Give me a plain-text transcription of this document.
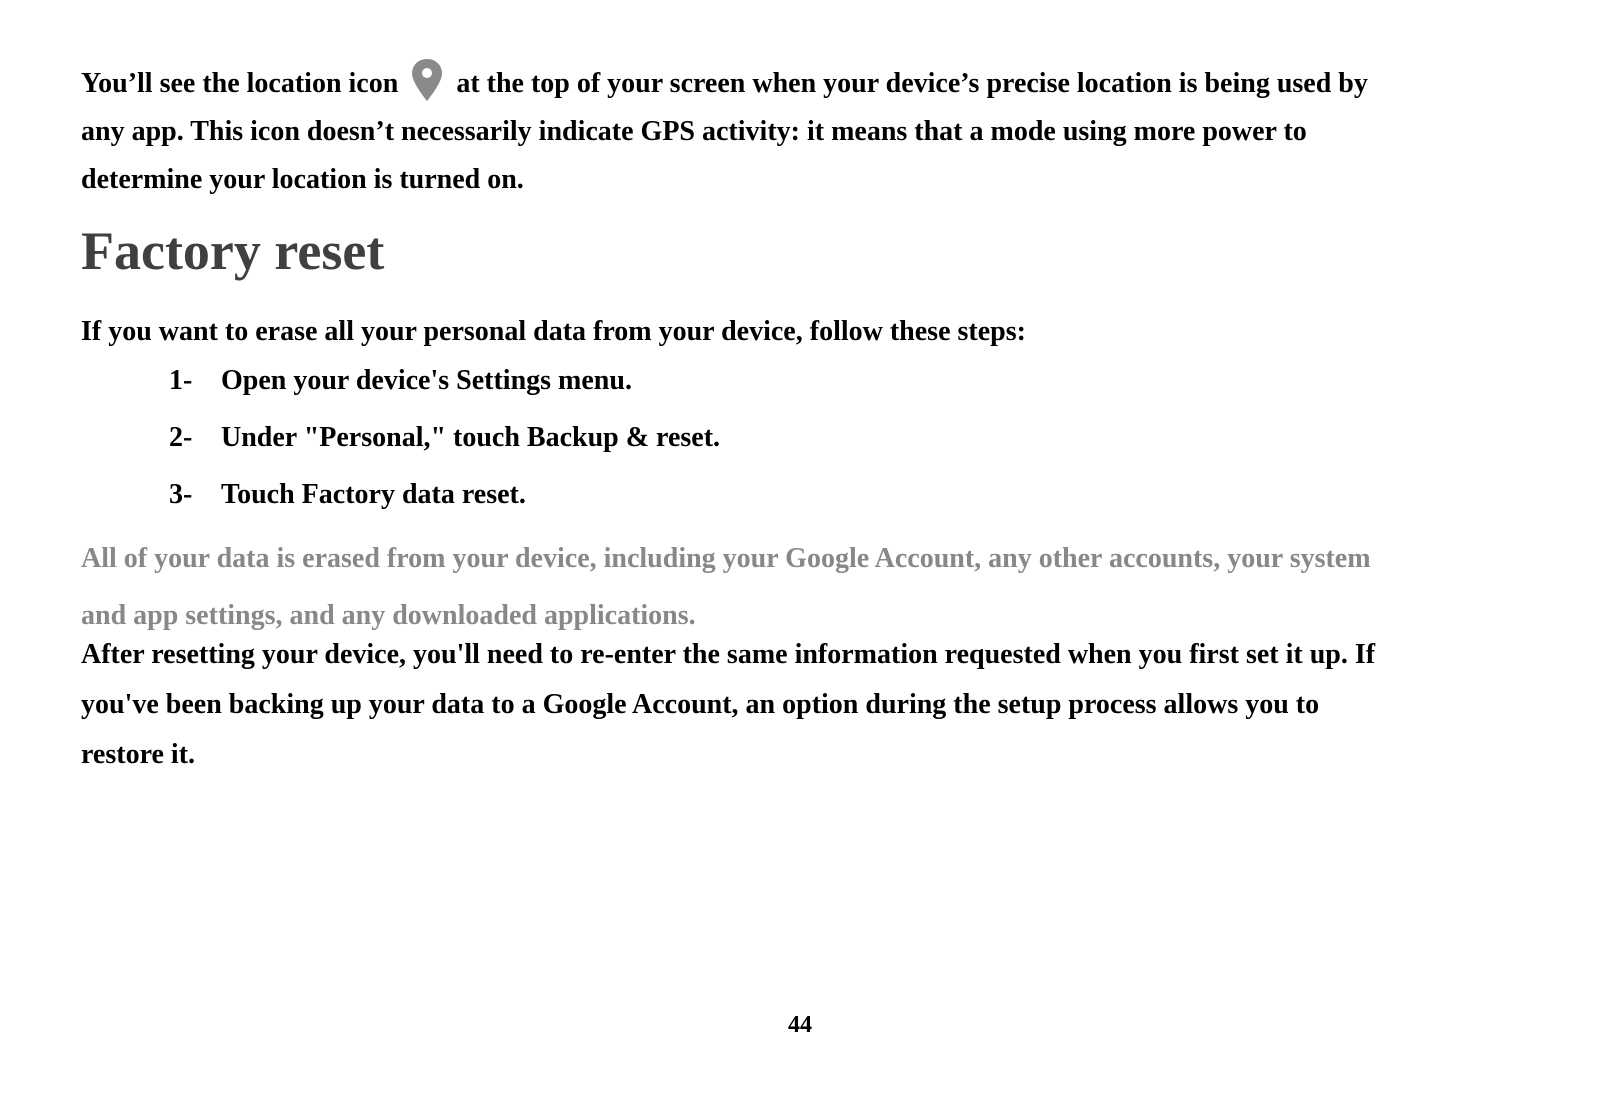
You’ll see the location icon  at the top of your screen when your device’s precise location is being used by
any app. This icon doesn’t necessarily indicate GPS activity: it means that a mode using more power to
determine your location is turned on.

Factory reset

If you want to erase all your personal data from your device, follow these steps:

1- Open your device's Settings menu.
2- Under "Personal," touch Backup & reset.
3- Touch Factory data reset.

All of your data is erased from your device, including your Google Account, any other accounts, your system
and app settings, and any downloaded applications.

After resetting your device, you'll need to re-enter the same information requested when you first set it up. If
you've been backing up your data to a Google Account, an option during the setup process allows you to
restore it.

44
